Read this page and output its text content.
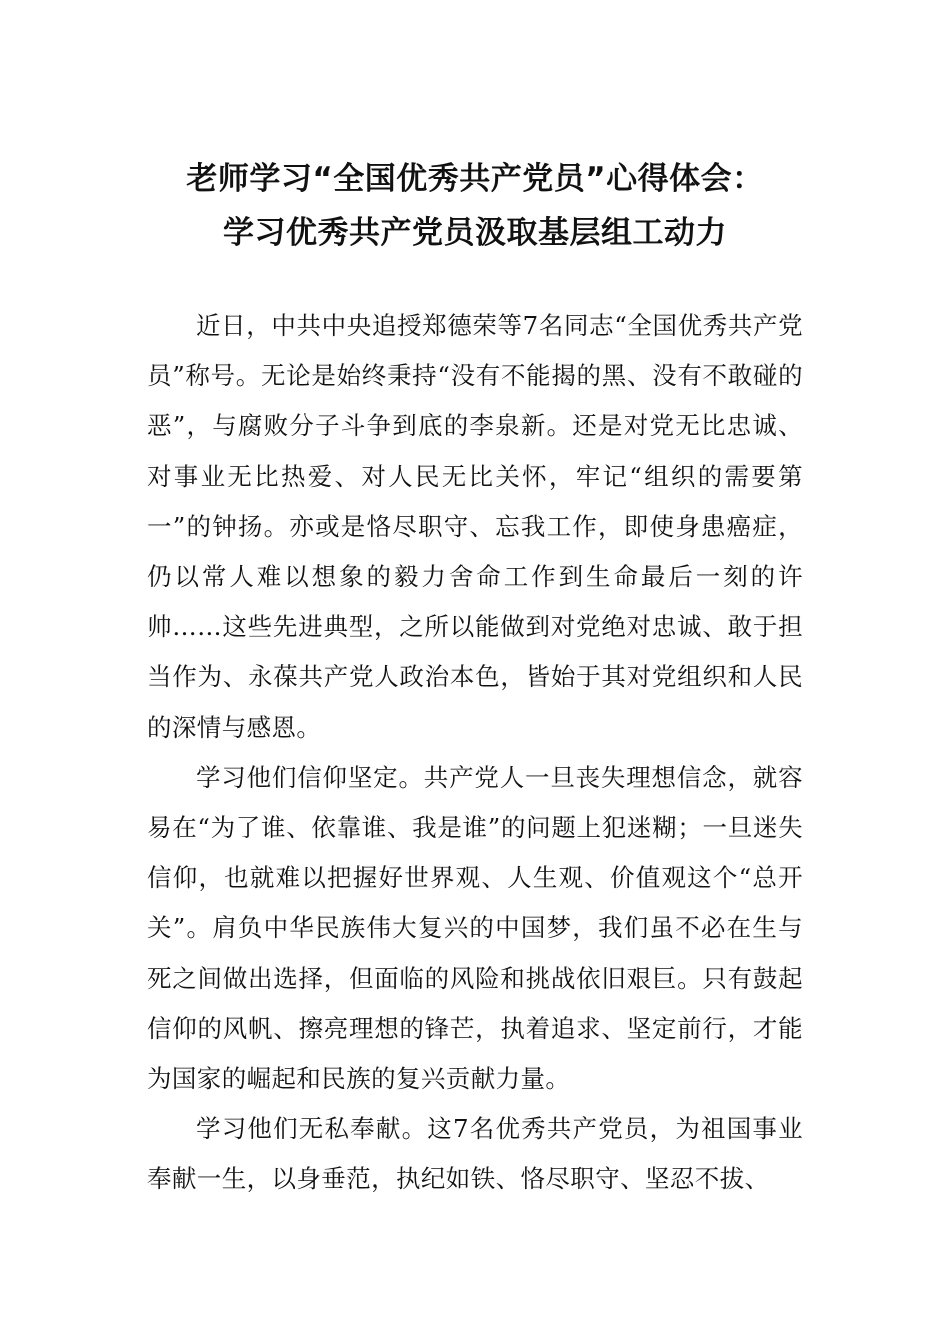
老师学习“全国优秀共产党员”心得体会：
学习优秀共产党员汲取基层组工动力

近日，中共中央追授郑德荣等7名同志“全国优秀共产党员”称号。无论是始终秉持“没有不能揭的黑、没有不敢碰的恶”，与腐败分子斗争到底的李泉新。还是对党无比忠诚、对事业无比热爱、对人民无比关怀，牢记“组织的需要第一”的钟扬。亦或是恪尽职守、忘我工作，即使身患癌症，仍以常人难以想象的毅力舍命工作到生命最后一刻的许帅……这些先进典型，之所以能做到对党绝对忠诚、敢于担当作为、永葆共产党人政治本色，皆始于其对党组织和人民的深情与感恩。

学习他们信仰坚定。共产党人一旦丧失理想信念，就容易在“为了谁、依靠谁、我是谁”的问题上犯迷糊；一旦迷失信仰，也就难以把握好世界观、人生观、价值观这个“总开关”。肩负中华民族伟大复兴的中国梦，我们虽不必在生与死之间做出选择，但面临的风险和挑战依旧艰巨。只有鼓起信仰的风帆、擦亮理想的锋芒，执着追求、坚定前行，才能为国家的崛起和民族的复兴贡献力量。

学习他们无私奉献。这7名优秀共产党员，为祖国事业奉献一生，以身垂范，执纪如铁、恪尽职守、坚忍不拔、
